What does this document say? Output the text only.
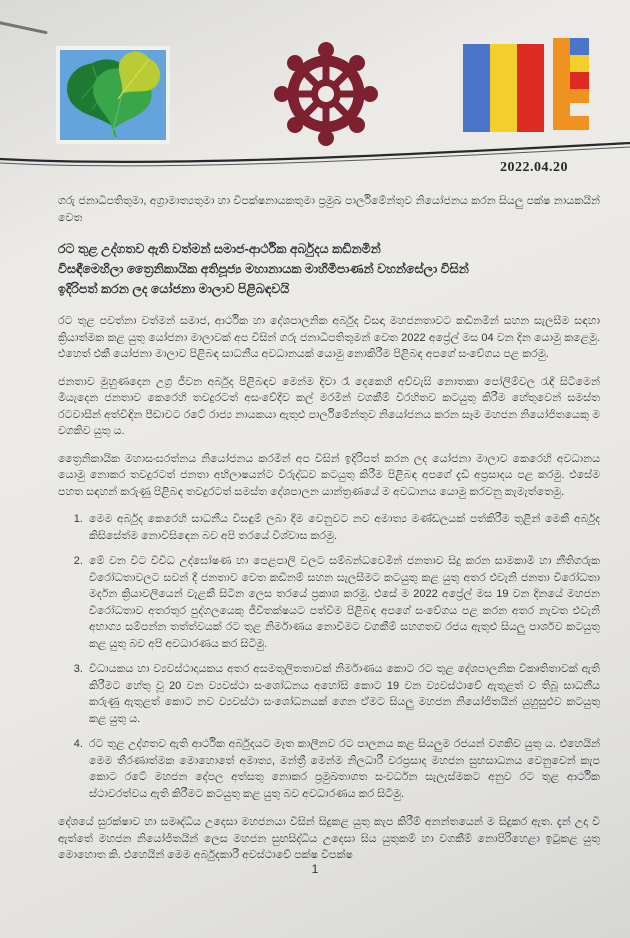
2022.04.20
ගරු ජනාධිපතිතුමා, අග්‍රාමාත්‍යතුමා හා විපක්ෂනායකතුමා ප්‍රමුඛ පාර්ලිමේන්තුව නියෝජනය කරන සියලු පක්ෂ නායකයින් වෙත
රට තුළ උද්ගතව ඇති වත්මන් සමාජ-ආර්ථික අර්බුදය කඩිනමින්
විසඳීමෙහිලා ත්‍රෛනිකායික අතිපූජ්‍ය මහානායක මාහිමිපාණන් වහන්සේලා විසින්
ඉදිරිපත් කරන ලද යෝජනා මාලාව පිළිබඳවයි

රට තුළ පවත්නා වත්මන් සමාජ, ආර්ථික හා දේශපාලනික අර්බුද විසඳා මහජනතාවට කඩිනමින් සහන සැලසීම සඳහා ක්‍රියාත්මක කළ යුතු යෝජනා මාලාවක් අප විසින් ගරු ජනාධිපතිතුමන් වෙත 2022 අප්‍රේල් මස 04 වන දින යොමු කළෙමු. එහෙත් එකී යෝජනා මාලාව පිළිබඳ සාධනීය අවධානයක් යොමු නොකිරීම පිළිබඳ අපගේ සංවේගය පළ කරමු.

ජනතාව මුහුණදෙන උග්‍ර ජීවන අර්බුද පිළිබඳව මෙන්ම දිවා රෑ දෙකෙහි අව්වැසි නොතකා පෝලිම්වල රැඳී සිටීමෙන් මියැදෙන ජනතාව කෙරෙහි තවදුරටත් අසංවේදීව කල් මරමින් වගකීම් විරහිතව කටයුතු කිරීම හේතුවෙන් සමස්ත රටවාසීන් අත්විඳින පීඩාවට රටේ රාජ්‍ය නායකයා ඇතුළු පාර්ලිමේන්තුව නියෝජනය කරන සෑම මහජන නියෝජිතයෙකු ම වගකිව යුතු ය.

ත්‍රෛනිකායික මහාසංඝරත්නය නියෝජනය කරමින් අප විසින් ඉදිරිපත් කරන ලද යෝජනා මාලාව කෙරෙහි අවධානය යොමු නොකර තවදුරටත් ජනතා අභිලාෂයන්ට විරුද්ධව කටයුතු කිරීම පිළිබඳ අපගේ දැඩි අප්‍රසාදය පළ කරමු. එසේම පහත සඳහන් කරුණු පිළිබඳ තවදුරටත් සමස්ත දේශපාලන යාන්ත්‍රණයේ ම අවධානය යොමු කරවනු කැමැත්තෙමු.

1. මෙම අර්බුද කෙරෙහි සාධනීය විසඳුම් ලබා දීම වෙනුවට නව අමාත්‍ය මණ්ඩලයක් පත්කිරීම තුළින් මෙකී අර්බුද කිසිසේත්ම නොවිසිඳෙන බව අපි තරයේ විශ්වාස කරමු.
2. මේ වන විට විවිධ උද්ඝෝෂණ හා පෙළපාලි වලට සම්බන්ධවෙමින් ජනතාව සිදු කරන සාමකාමී හා නීතිගරුක විරෝධතාවලට සවන් දී ජනතාව වෙත කඩිනම් සහන සැලසීමට කටයුතු කළ යුතු අතර එවැනි ජනතා විරෝධතා මර්දන ක්‍රියාවලියෙන් වැළකී සිටින ලෙස තරයේ ප්‍රකාශ කරමු. එසේ ම 2022 අප්‍රේල් මස 19 වන දිනයේ මහජන විරෝධතාව අතරතුර පුද්ගලයෙකු ජීවිතක්ෂයට පත්වීම පිළිබඳ අපගේ සංවේගය පළ කරන අතර නැවත එවැනි අභාග්‍ය සම්පන්න තත්ත්වයක් රට තුළ නිර්මාණය නොවීමට වගකීම් සහගතව රජය ඇතුළු සියලු පාර්ශව කටයුතු කළ යුතු බව අපි අවධාරණය කර සිටිමු.
3. විධායකය හා ව්‍යවස්ථාදායකය අතර අසමතුලිතතාවක් නිර්මාණය කොට රට තුළ දේශපාලනික විකෘතිතාවක් ඇති කිරීමට හේතු වූ 20 වන ව්‍යවස්ථා සංශෝධනය අහෝසි කොට 19 වන ව්‍යවස්ථාවේ ඇතුළත් ව තිබූ සාධනීය කරුණු ඇතුළත් කොට නව ව්‍යවස්ථා සංශෝධනයක් ගෙන ඒමට සියලු මහජන නියෝජිතයින් යුහුසුළුව කටයුතු කළ යුතු ය.
4. රට තුළ උද්ගතව ඇති ආර්ථික අර්බුදයට මෑත කාලීනව රට පාලනය කළ සියලුම රජයන් වගකිව යුතු ය. එහෙයින් මෙම තීරණාත්මක මොහොතේ අමාත්‍ය, මන්ත්‍රී මෙන්ම නිලධාරී වරප්‍රසාද මහජන සුභසාධනය වෙනුවෙන් කැප කොට රටේ මහජන දේපල අත්සතු නොකර ප්‍රමුඛතාගත සංවර්ධන සැලැස්මකට අනුව රට තුළ ආර්ථික ස්ථාවරත්වය ඇති කිරීමට කටයුතු කළ යුතු බව අවධාරණය කර සිටිමු.
දේශයේ සුරක්ෂාව හා සමෘද්ධිය උදෙසා මහජනයා විසින් සිදුකළ යුතු කැප කිරීම් අනන්තයෙන් ම සිදුකර ඇත. දැන් උදා වී ඇත්තේ මහජන නියෝජිතයින් ලෙස මහජන සුභසිද්ධිය උදෙසා සිය යුතුකම් හා වගකීම් නොපිරිහෙළා ඉටුකළ යුතු මොහොත කි. එහෙයින් මෙම අර්බුදකාරී අවස්ථාවේ පක්ෂ විපක්ෂ
1
